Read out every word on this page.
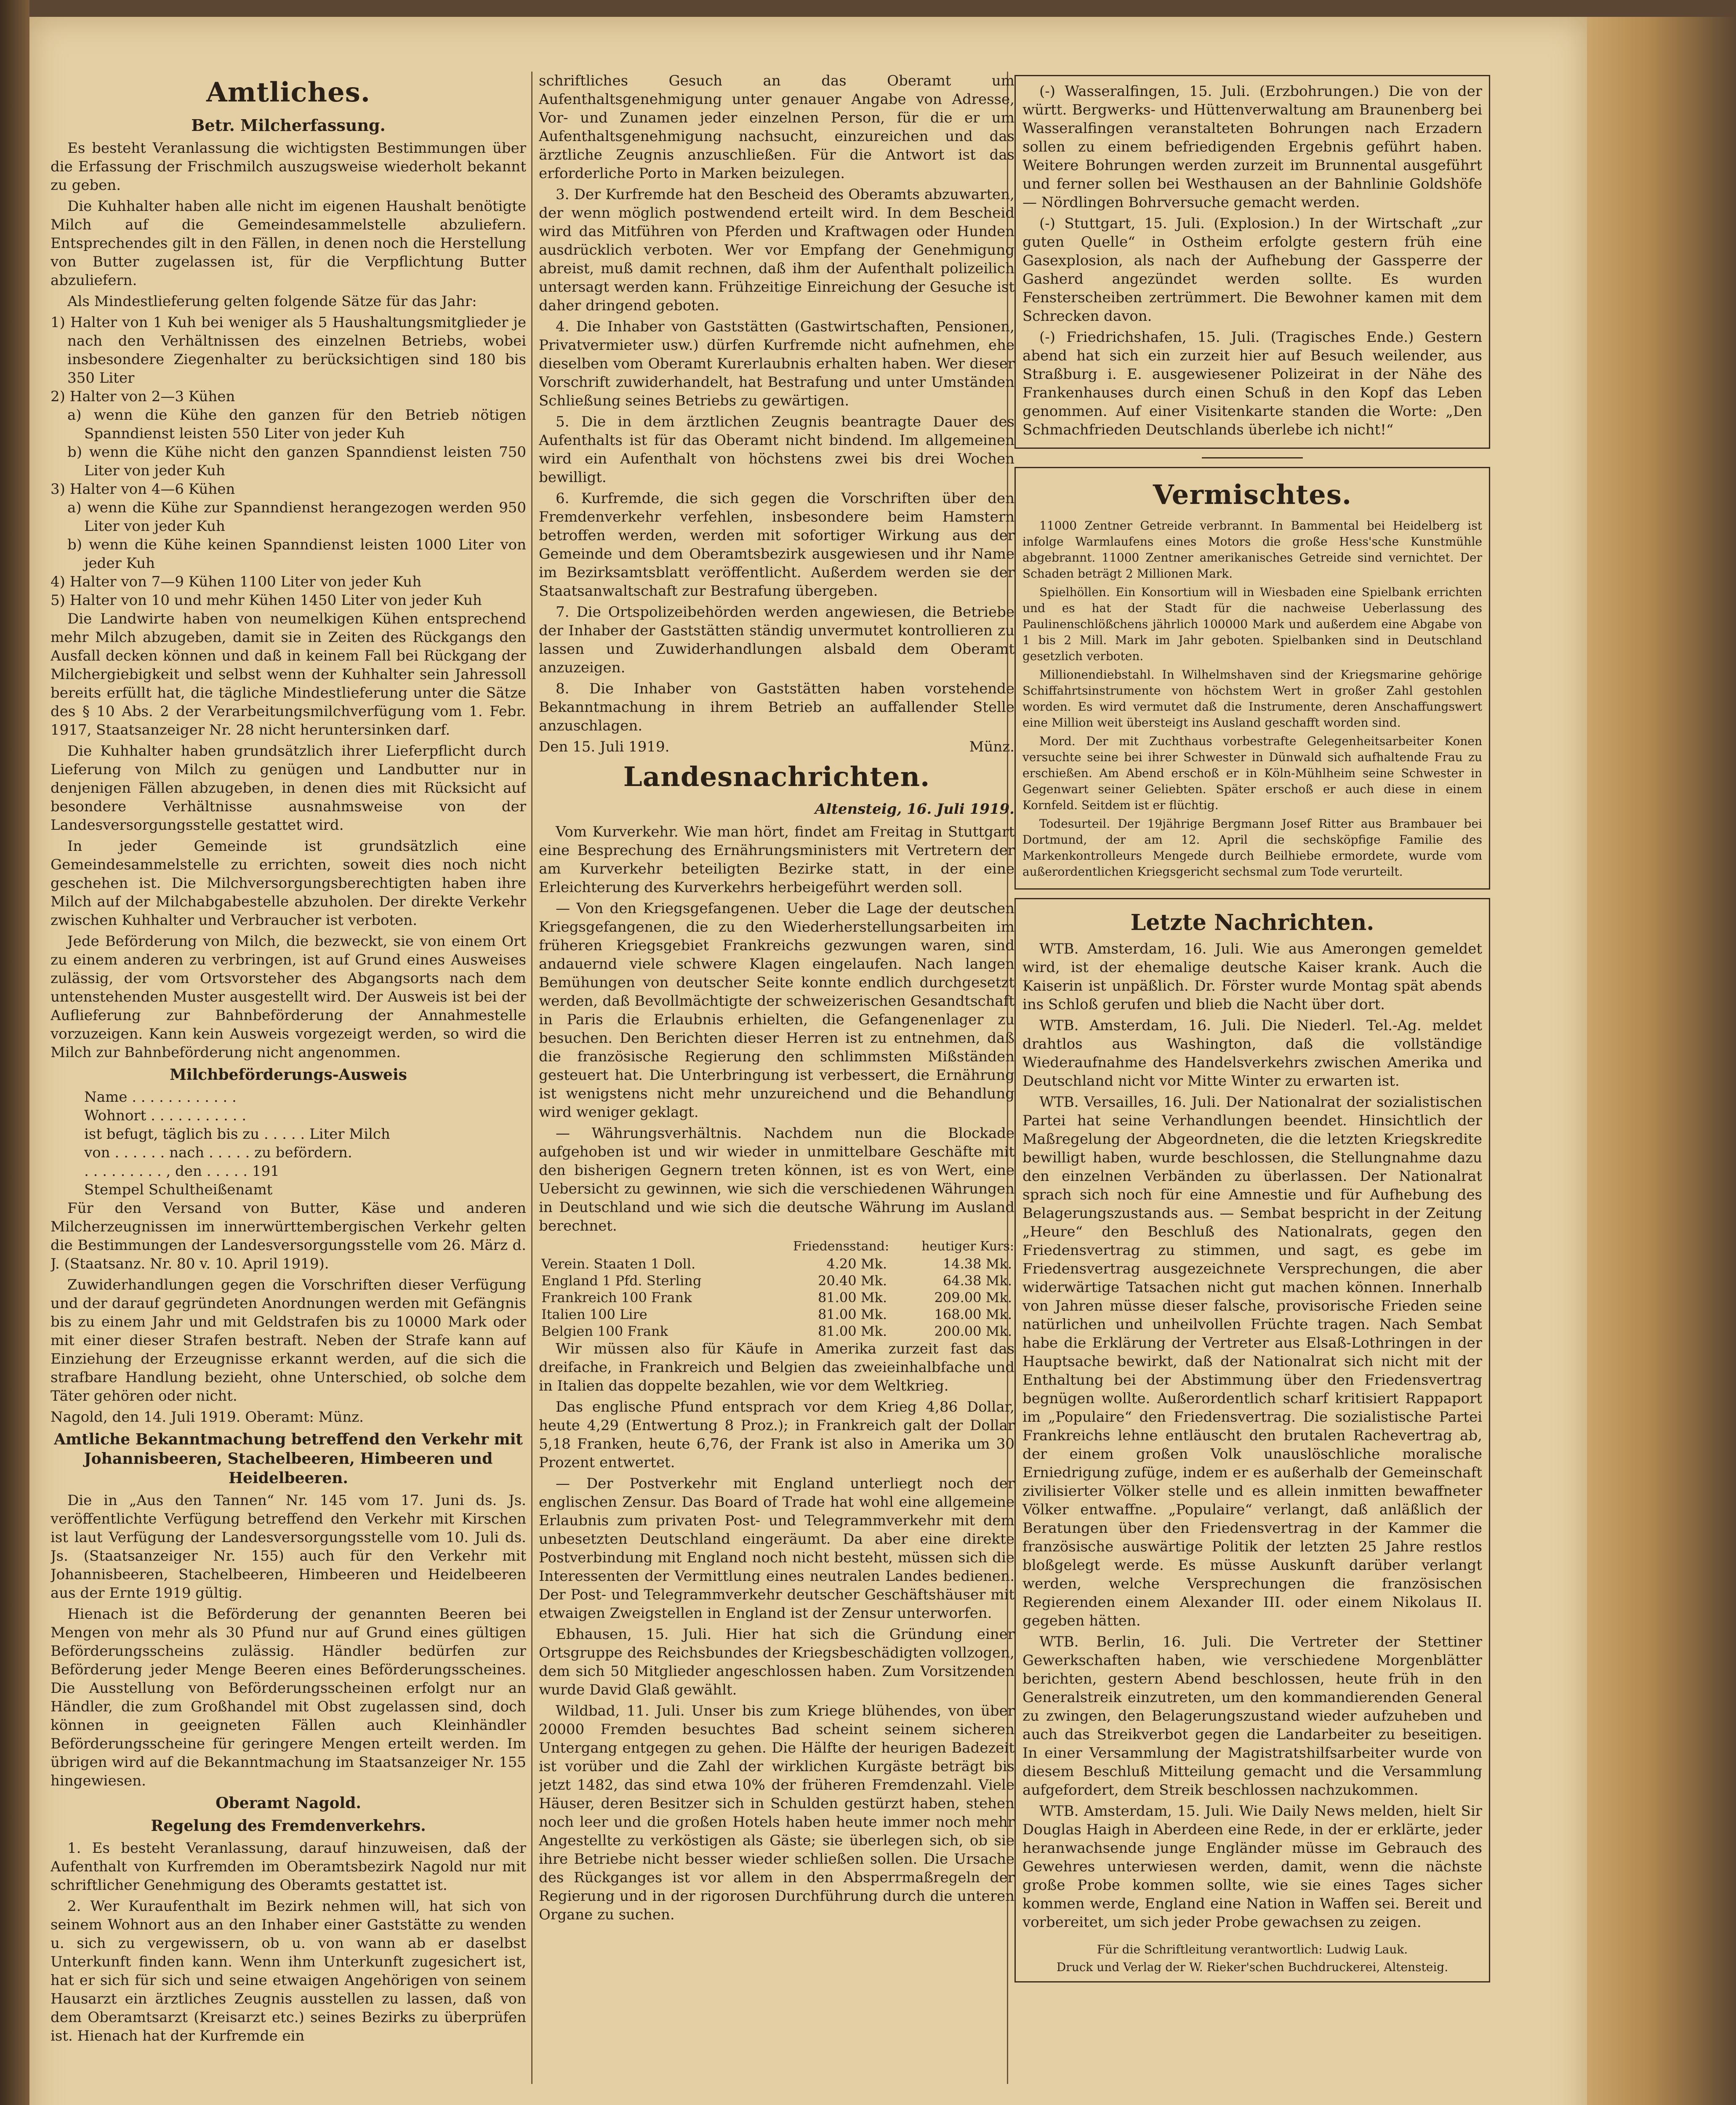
Amtliches.
Betr. Milcherfassung.

Es besteht Veranlassung die wichtigsten Bestimmungen über die Erfassung der Frischmilch auszugsweise wiederholt bekannt zu geben.

Die Kuhhalter haben alle nicht im eigenen Haushalt benötigte Milch auf die Gemeindesammelstelle abzuliefern. Entsprechendes gilt in den Fällen, in denen noch die Herstellung von Butter zugelassen ist, für die Verpflichtung Butter abzuliefern.

Als Mindestlieferung gelten folgende Sätze für das Jahr:

1) Halter von 1 Kuh bei weniger als 5 Haushaltungsmitglieder je nach den Verhältnissen des einzelnen Betriebs, wobei insbesondere Ziegenhalter zu berücksichtigen sind 180 bis 350 Liter
2) Halter von 2—3 Kühen
a) wenn die Kühe den ganzen für den Betrieb nötigen Spanndienst leisten 550 Liter von jeder Kuh
b) wenn die Kühe nicht den ganzen Spanndienst leisten 750 Liter von jeder Kuh
3) Halter von 4—6 Kühen
a) wenn die Kühe zur Spanndienst herangezogen werden 950 Liter von jeder Kuh
b) wenn die Kühe keinen Spanndienst leisten 1000 Liter von jeder Kuh
4) Halter von 7—9 Kühen 1100 Liter von jeder Kuh
5) Halter von 10 und mehr Kühen 1450 Liter von jeder Kuh

Die Landwirte haben von neumelkigen Kühen entsprechend mehr Milch abzugeben, damit sie in Zeiten des Rückgangs den Ausfall decken können und daß in keinem Fall bei Rückgang der Milchergiebigkeit und selbst wenn der Kuhhalter sein Jahressoll bereits erfüllt hat, die tägliche Mindestlieferung unter die Sätze des § 10 Abs. 2 der Verarbeitungsmilchverfügung vom 1. Febr. 1917, Staatsanzeiger Nr. 28 nicht heruntersinken darf.

Die Kuhhalter haben grundsätzlich ihrer Lieferpflicht durch Lieferung von Milch zu genügen und Landbutter nur in denjenigen Fällen abzugeben, in denen dies mit Rücksicht auf besondere Verhältnisse ausnahmsweise von der Landesversorgungsstelle gestattet wird.

In jeder Gemeinde ist grundsätzlich eine Gemeindesammelstelle zu errichten, soweit dies noch nicht geschehen ist. Die Milchversorgungsberechtigten haben ihre Milch auf der Milchabgabestelle abzuholen. Der direkte Verkehr zwischen Kuhhalter und Verbraucher ist verboten.

Jede Beförderung von Milch, die bezweckt, sie von einem Ort zu einem anderen zu verbringen, ist auf Grund eines Ausweises zulässig, der vom Ortsvorsteher des Abgangsorts nach dem untenstehenden Muster ausgestellt wird. Der Ausweis ist bei der Auflieferung zur Bahnbeförderung der Annahmestelle vorzuzeigen. Kann kein Ausweis vorgezeigt werden, so wird die Milch zur Bahnbeförderung nicht angenommen.

Milchbeförderungs-Ausweis
Name . . . . . . . . . . . .
Wohnort . . . . . . . . . . .
ist befugt, täglich bis zu . . . . . Liter Milch
von . . . . . . nach . . . . . zu befördern.
. . . . . . . . . , den . . . . . 191
Stempel Schultheißenamt

Für den Versand von Butter, Käse und anderen Milcherzeugnissen im innerwürttembergischen Verkehr gelten die Bestimmungen der Landesversorgungsstelle vom 26. März d. J. (Staatsanz. Nr. 80 v. 10. April 1919).

Zuwiderhandlungen gegen die Vorschriften dieser Verfügung und der darauf gegründeten Anordnungen werden mit Gefängnis bis zu einem Jahr und mit Geldstrafen bis zu 10000 Mark oder mit einer dieser Strafen bestraft. Neben der Strafe kann auf Einziehung der Erzeugnisse erkannt werden, auf die sich die strafbare Handlung bezieht, ohne Unterschied, ob solche dem Täter gehören oder nicht.

Nagold, den 14. Juli 1919. Oberamt: Münz.

Amtliche Bekanntmachung betreffend den Verkehr mit Johannisbeeren, Stachelbeeren, Himbeeren und Heidelbeeren.

Die in „Aus den Tannen“ Nr. 145 vom 17. Juni ds. Js. veröffentlichte Verfügung betreffend den Verkehr mit Kirschen ist laut Verfügung der Landesversorgungsstelle vom 10. Juli ds. Js. (Staatsanzeiger Nr. 155) auch für den Verkehr mit Johannisbeeren, Stachelbeeren, Himbeeren und Heidelbeeren aus der Ernte 1919 gültig.

Hienach ist die Beförderung der genannten Beeren bei Mengen von mehr als 30 Pfund nur auf Grund eines gültigen Beförderungsscheins zulässig. Händler bedürfen zur Beförderung jeder Menge Beeren eines Beförderungsscheines. Die Ausstellung von Beförderungsscheinen erfolgt nur an Händler, die zum Großhandel mit Obst zugelassen sind, doch können in geeigneten Fällen auch Kleinhändler Beförderungsscheine für geringere Mengen erteilt werden. Im übrigen wird auf die Bekanntmachung im Staatsanzeiger Nr. 155 hingewiesen.

Oberamt Nagold.
Regelung des Fremdenverkehrs.

1. Es besteht Veranlassung, darauf hinzuweisen, daß der Aufenthalt von Kurfremden im Oberamtsbezirk Nagold nur mit schriftlicher Genehmigung des Oberamts gestattet ist.

2. Wer Kuraufenthalt im Bezirk nehmen will, hat sich von seinem Wohnort aus an den Inhaber einer Gaststätte zu wenden u. sich zu vergewissern, ob u. von wann ab er daselbst Unterkunft finden kann. Wenn ihm Unterkunft zugesichert ist, hat er sich für sich und seine etwaigen Angehörigen von seinem Hausarzt ein ärztliches Zeugnis ausstellen zu lassen, daß von dem Oberamtsarzt (Kreisarzt etc.) seines Bezirks zu überprüfen ist. Hienach hat der Kurfremde ein

schriftliches Gesuch an das Oberamt um Aufenthaltsgenehmigung unter genauer Angabe von Adresse, Vor- und Zunamen jeder einzelnen Person, für die er um Aufenthaltsgenehmigung nachsucht, einzureichen und das ärztliche Zeugnis anzuschließen. Für die Antwort ist das erforderliche Porto in Marken beizulegen.

3. Der Kurfremde hat den Bescheid des Oberamts abzuwarten, der wenn möglich postwendend erteilt wird. In dem Bescheid wird das Mitführen von Pferden und Kraftwagen oder Hunden ausdrücklich verboten. Wer vor Empfang der Genehmigung abreist, muß damit rechnen, daß ihm der Aufenthalt polizeilich untersagt werden kann. Frühzeitige Einreichung der Gesuche ist daher dringend geboten.

4. Die Inhaber von Gaststätten (Gastwirtschaften, Pensionen, Privatvermieter usw.) dürfen Kurfremde nicht aufnehmen, ehe dieselben vom Oberamt Kurerlaubnis erhalten haben. Wer dieser Vorschrift zuwiderhandelt, hat Bestrafung und unter Umständen Schließung seines Betriebs zu gewärtigen.

5. Die in dem ärztlichen Zeugnis beantragte Dauer des Aufenthalts ist für das Oberamt nicht bindend. Im allgemeinen wird ein Aufenthalt von höchstens zwei bis drei Wochen bewilligt.

6. Kurfremde, die sich gegen die Vorschriften über den Fremdenverkehr verfehlen, insbesondere beim Hamstern betroffen werden, werden mit sofortiger Wirkung aus der Gemeinde und dem Oberamtsbezirk ausgewiesen und ihr Name im Bezirksamtsblatt veröffentlicht. Außerdem werden sie der Staatsanwaltschaft zur Bestrafung übergeben.

7. Die Ortspolizeibehörden werden angewiesen, die Betriebe der Inhaber der Gaststätten ständig unvermutet kontrollieren zu lassen und Zuwiderhandlungen alsbald dem Oberamt anzuzeigen.

8. Die Inhaber von Gaststätten haben vorstehende Bekanntmachung in ihrem Betrieb an auffallender Stelle anzuschlagen.

Den 15. Juli 1919.	Münz.
Landesnachrichten.
Altensteig, 16. Juli 1919.

Vom Kurverkehr. Wie man hört, findet am Freitag in Stuttgart eine Besprechung des Ernährungsministers mit Vertretern der am Kurverkehr beteiligten Bezirke statt, in der eine Erleichterung des Kurverkehrs herbeigeführt werden soll.

— Von den Kriegsgefangenen. Ueber die Lage der deutschen Kriegsgefangenen, die zu den Wiederherstellungsarbeiten im früheren Kriegsgebiet Frankreichs gezwungen waren, sind andauernd viele schwere Klagen eingelaufen. Nach langen Bemühungen von deutscher Seite konnte endlich durchgesetzt werden, daß Bevollmächtigte der schweizerischen Gesandtschaft in Paris die Erlaubnis erhielten, die Gefangenenlager zu besuchen. Den Berichten dieser Herren ist zu entnehmen, daß die französische Regierung den schlimmsten Mißständen gesteuert hat. Die Unterbringung ist verbessert, die Ernährung ist wenigstens nicht mehr unzureichend und die Behandlung wird weniger geklagt.

— Währungsverhältnis. Nachdem nun die Blockade aufgehoben ist und wir wieder in unmittelbare Geschäfte mit den bisherigen Gegnern treten können, ist es von Wert, eine Uebersicht zu gewinnen, wie sich die verschiedenen Währungen in Deutschland und wie sich die deutsche Währung im Ausland berechnet.

	Friedensstand:	heutiger Kurs:
Verein. Staaten 1 Doll.	4.20 Mk.	14.38 Mk.
England 1 Pfd. Sterling	20.40 Mk.	64.38 Mk.
Frankreich 100 Frank	81.00 Mk.	209.00 Mk.
Italien 100 Lire	81.00 Mk.	168.00 Mk.
Belgien 100 Frank	81.00 Mk.	200.00 Mk.

Wir müssen also für Käufe in Amerika zurzeit fast das dreifache, in Frankreich und Belgien das zweieinhalbfache und in Italien das doppelte bezahlen, wie vor dem Weltkrieg.

Das englische Pfund entsprach vor dem Krieg 4,86 Dollar, heute 4,29 (Entwertung 8 Proz.); in Frankreich galt der Dollar 5,18 Franken, heute 6,76, der Frank ist also in Amerika um 30 Prozent entwertet.

— Der Postverkehr mit England unterliegt noch der englischen Zensur. Das Board of Trade hat wohl eine allgemeine Erlaubnis zum privaten Post- und Telegrammverkehr mit dem unbesetzten Deutschland eingeräumt. Da aber eine direkte Postverbindung mit England noch nicht besteht, müssen sich die Interessenten der Vermittlung eines neutralen Landes bedienen. Der Post- und Telegrammverkehr deutscher Geschäftshäuser mit etwaigen Zweigstellen in England ist der Zensur unterworfen.

Ebhausen, 15. Juli. Hier hat sich die Gründung einer Ortsgruppe des Reichsbundes der Kriegsbeschädigten vollzogen, dem sich 50 Mitglieder angeschlossen haben. Zum Vorsitzenden wurde David Glaß gewählt.

Wildbad, 11. Juli. Unser bis zum Kriege blühendes, von über 20000 Fremden besuchtes Bad scheint seinem sicheren Untergang entgegen zu gehen. Die Hälfte der heurigen Badezeit ist vorüber und die Zahl der wirklichen Kurgäste beträgt bis jetzt 1482, das sind etwa 10% der früheren Fremdenzahl. Viele Häuser, deren Besitzer sich in Schulden gestürzt haben, stehen noch leer und die großen Hotels haben heute immer noch mehr Angestellte zu verköstigen als Gäste; sie überlegen sich, ob sie ihre Betriebe nicht besser wieder schließen sollen. Die Ursache des Rückganges ist vor allem in den Absperrmaßregeln der Regierung und in der rigorosen Durchführung durch die unteren Organe zu suchen.

(-) Wasseralfingen, 15. Juli. (Erzbohrungen.) Die von der württ. Bergwerks- und Hüttenverwaltung am Braunenberg bei Wasseralfingen veranstalteten Bohrungen nach Erzadern sollen zu einem befriedigenden Ergebnis geführt haben. Weitere Bohrungen werden zurzeit im Brunnental ausgeführt und ferner sollen bei Westhausen an der Bahnlinie Goldshöfe — Nördlingen Bohrversuche gemacht werden.

(-) Stuttgart, 15. Juli. (Explosion.) In der Wirtschaft „zur guten Quelle“ in Ostheim erfolgte gestern früh eine Gasexplosion, als nach der Aufhebung der Gassperre der Gasherd angezündet werden sollte. Es wurden Fensterscheiben zertrümmert. Die Bewohner kamen mit dem Schrecken davon.

(-) Friedrichshafen, 15. Juli. (Tragisches Ende.) Gestern abend hat sich ein zurzeit hier auf Besuch weilender, aus Straßburg i. E. ausgewiesener Polizeirat in der Nähe des Frankenhauses durch einen Schuß in den Kopf das Leben genommen. Auf einer Visitenkarte standen die Worte: „Den Schmachfrieden Deutschlands überlebe ich nicht!“

Vermischtes.

11000 Zentner Getreide verbrannt. In Bammental bei Heidelberg ist infolge Warmlaufens eines Motors die große Hess'sche Kunstmühle abgebrannt. 11000 Zentner amerikanisches Getreide sind vernichtet. Der Schaden beträgt 2 Millionen Mark.

Spielhöllen. Ein Konsortium will in Wiesbaden eine Spielbank errichten und es hat der Stadt für die nachweise Ueberlassung des Paulinenschlößchens jährlich 100000 Mark und außerdem eine Abgabe von 1 bis 2 Mill. Mark im Jahr geboten. Spielbanken sind in Deutschland gesetzlich verboten.

Millionendiebstahl. In Wilhelmshaven sind der Kriegsmarine gehörige Schiffahrtsinstrumente von höchstem Wert in großer Zahl gestohlen worden. Es wird vermutet daß die Instrumente, deren Anschaffungswert eine Million weit übersteigt ins Ausland geschafft worden sind.

Mord. Der mit Zuchthaus vorbestrafte Gelegenheitsarbeiter Konen versuchte seine bei ihrer Schwester in Dünwald sich aufhaltende Frau zu erschießen. Am Abend erschoß er in Köln-Mühlheim seine Schwester in Gegenwart seiner Geliebten. Später erschoß er auch diese in einem Kornfeld. Seitdem ist er flüchtig.

Todesurteil. Der 19jährige Bergmann Josef Ritter aus Brambauer bei Dortmund, der am 12. April die sechsköpfige Familie des Markenkontrolleurs Mengede durch Beilhiebe ermordete, wurde vom außerordentlichen Kriegsgericht sechsmal zum Tode verurteilt.

Letzte Nachrichten.

WTB. Amsterdam, 16. Juli. Wie aus Amerongen gemeldet wird, ist der ehemalige deutsche Kaiser krank. Auch die Kaiserin ist unpäßlich. Dr. Förster wurde Montag spät abends ins Schloß gerufen und blieb die Nacht über dort.

WTB. Amsterdam, 16. Juli. Die Niederl. Tel.-Ag. meldet drahtlos aus Washington, daß die vollständige Wiederaufnahme des Handelsverkehrs zwischen Amerika und Deutschland nicht vor Mitte Winter zu erwarten ist.

WTB. Versailles, 16. Juli. Der Nationalrat der sozialistischen Partei hat seine Verhandlungen beendet. Hinsichtlich der Maßregelung der Abgeordneten, die die letzten Kriegskredite bewilligt haben, wurde beschlossen, die Stellungnahme dazu den einzelnen Verbänden zu überlassen. Der Nationalrat sprach sich noch für eine Amnestie und für Aufhebung des Belagerungszustands aus. — Sembat bespricht in der Zeitung „Heure“ den Beschluß des Nationalrats, gegen den Friedensvertrag zu stimmen, und sagt, es gebe im Friedensvertrag ausgezeichnete Versprechungen, die aber widerwärtige Tatsachen nicht gut machen können. Innerhalb von Jahren müsse dieser falsche, provisorische Frieden seine natürlichen und unheilvollen Früchte tragen. Nach Sembat habe die Erklärung der Vertreter aus Elsaß-Lothringen in der Hauptsache bewirkt, daß der Nationalrat sich nicht mit der Enthaltung bei der Abstimmung über den Friedensvertrag begnügen wollte. Außerordentlich scharf kritisiert Rappaport im „Populaire“ den Friedensvertrag. Die sozialistische Partei Frankreichs lehne entläuscht den brutalen Rachevertrag ab, der einem großen Volk unauslöschliche moralische Erniedrigung zufüge, indem er es außerhalb der Gemeinschaft zivilisierter Völker stelle und es allein inmitten bewaffneter Völker entwaffne. „Populaire“ verlangt, daß anläßlich der Beratungen über den Friedensvertrag in der Kammer die französische auswärtige Politik der letzten 25 Jahre restlos bloßgelegt werde. Es müsse Auskunft darüber verlangt werden, welche Versprechungen die französischen Regierenden einem Alexander III. oder einem Nikolaus II. gegeben hätten.

WTB. Berlin, 16. Juli. Die Vertreter der Stettiner Gewerkschaften haben, wie verschiedene Morgenblätter berichten, gestern Abend beschlossen, heute früh in den Generalstreik einzutreten, um den kommandierenden General zu zwingen, den Belagerungszustand wieder aufzuheben und auch das Streikverbot gegen die Landarbeiter zu beseitigen. In einer Versammlung der Magistratshilfsarbeiter wurde von diesem Beschluß Mitteilung gemacht und die Versammlung aufgefordert, dem Streik beschlossen nachzukommen.

WTB. Amsterdam, 15. Juli. Wie Daily News melden, hielt Sir Douglas Haigh in Aberdeen eine Rede, in der er erklärte, jeder heranwachsende junge Engländer müsse im Gebrauch des Gewehres unterwiesen werden, damit, wenn die nächste große Probe kommen sollte, wie sie eines Tages sicher kommen werde, England eine Nation in Waffen sei. Bereit und vorbereitet, um sich jeder Probe gewachsen zu zeigen.

Für die Schriftleitung verantwortlich: Ludwig Lauk.
Druck und Verlag der W. Rieker'schen Buchdruckerei, Altensteig.
